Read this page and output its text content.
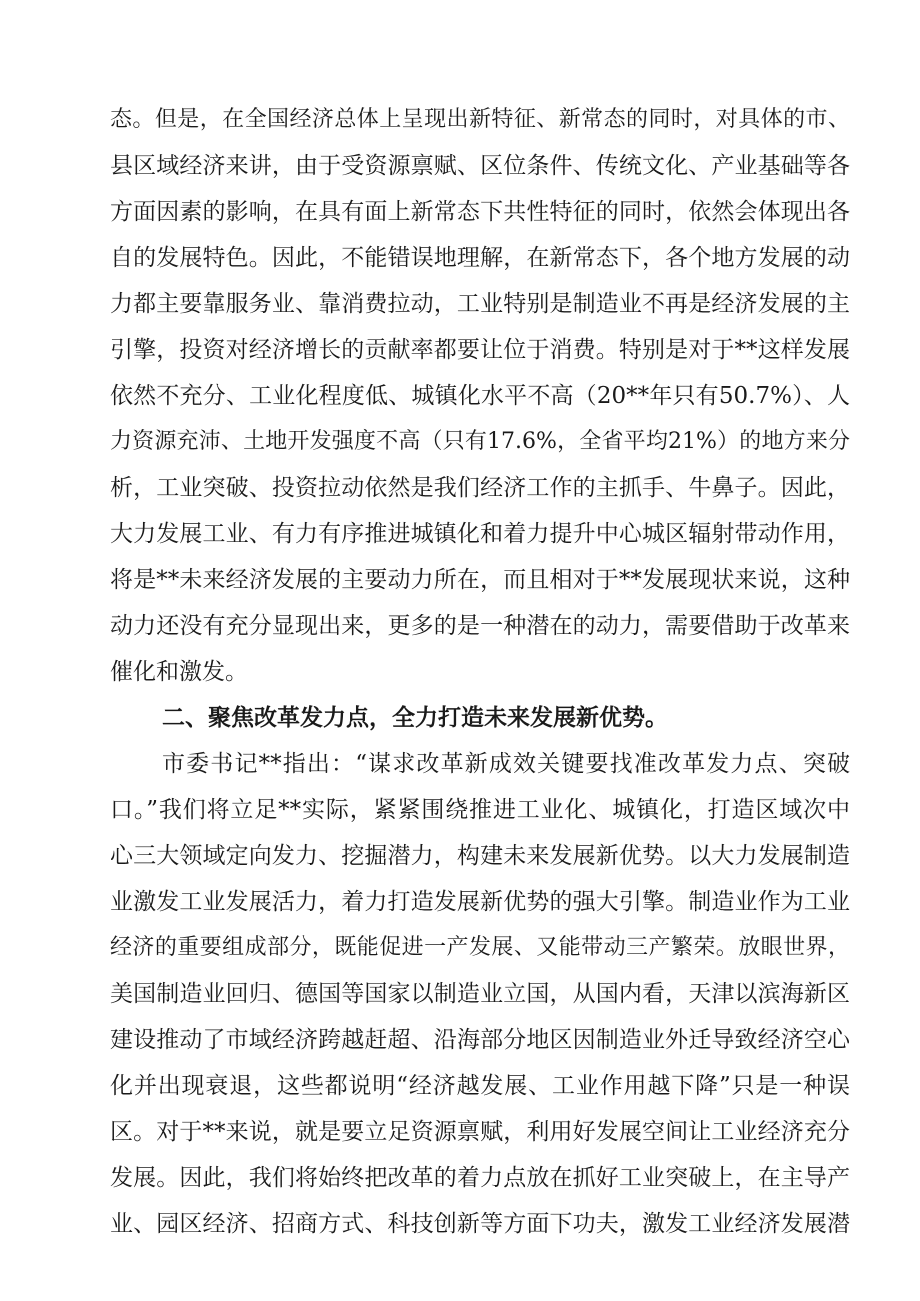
态。但是，在全国经济总体上呈现出新特征、新常态的同时，对具体的市、
县区域经济来讲，由于受资源禀赋、区位条件、传统文化、产业基础等各
方面因素的影响，在具有面上新常态下共性特征的同时，依然会体现出各
自的发展特色。因此，不能错误地理解，在新常态下，各个地方发展的动
力都主要靠服务业、靠消费拉动，工业特别是制造业不再是经济发展的主
引擎，投资对经济增长的贡献率都要让位于消费。特别是对于**这样发展
依然不充分、工业化程度低、城镇化水平不高（20**年只有50.7%）、人
力资源充沛、土地开发强度不高（只有17.6%，全省平均21%）的地方来分
析，工业突破、投资拉动依然是我们经济工作的主抓手、牛鼻子。因此，
大力发展工业、有力有序推进城镇化和着力提升中心城区辐射带动作用，
将是**未来经济发展的主要动力所在，而且相对于**发展现状来说，这种
动力还没有充分显现出来，更多的是一种潜在的动力，需要借助于改革来
催化和激发。
二、聚焦改革发力点，全力打造未来发展新优势。
市委书记**指出：“谋求改革新成效关键要找准改革发力点、突破
口。”我们将立足**实际，紧紧围绕推进工业化、城镇化，打造区域次中
心三大领域定向发力、挖掘潜力，构建未来发展新优势。以大力发展制造
业激发工业发展活力，着力打造发展新优势的强大引擎。制造业作为工业
经济的重要组成部分，既能促进一产发展、又能带动三产繁荣。放眼世界，
美国制造业回归、德国等国家以制造业立国，从国内看，天津以滨海新区
建设推动了市域经济跨越赶超、沿海部分地区因制造业外迁导致经济空心
化并出现衰退，这些都说明“经济越发展、工业作用越下降”只是一种误
区。对于**来说，就是要立足资源禀赋，利用好发展空间让工业经济充分
发展。因此，我们将始终把改革的着力点放在抓好工业突破上，在主导产
业、园区经济、招商方式、科技创新等方面下功夫，激发工业经济发展潜
